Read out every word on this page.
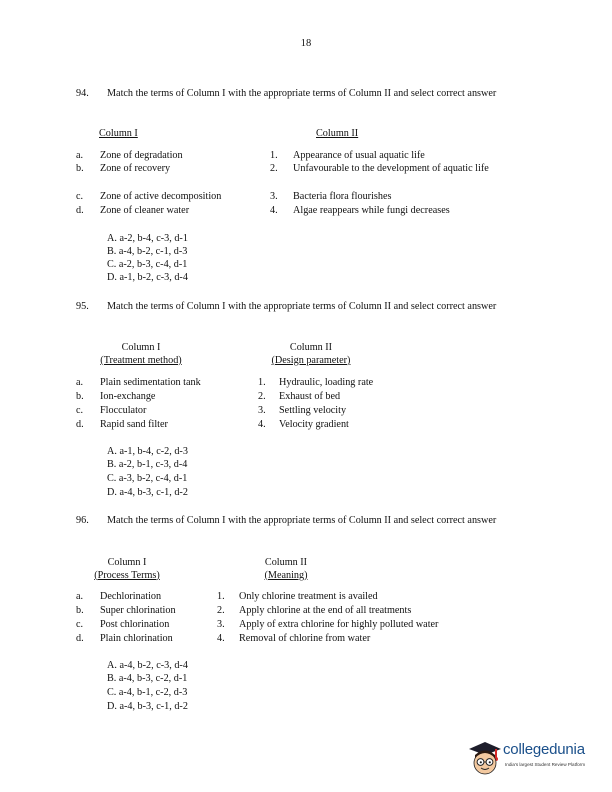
18
94. Match the terms of Column I with the appropriate terms of Column II and select correct answer
Column I	Column II
a. Zone of degradation
b. Zone of recovery
c. Zone of active decomposition
d. Zone of cleaner water
1. Appearance of usual aquatic life
2. Unfavourable to the development of aquatic life
3. Bacteria flora flourishes
4. Algae reappears while fungi decreases
A. a-2, b-4, c-3, d-1
B. a-4, b-2, c-1, d-3
C. a-2, b-3, c-4, d-1
D. a-1, b-2, c-3, d-4
95. Match the terms of Column I with the appropriate terms of Column II and select correct answer
Column I
(Treatment method)
Column II
(Design parameter)
a. Plain sedimentation tank
b. Ion-exchange
c. Flocculator
d. Rapid sand filter
1. Hydraulic, loading rate
2. Exhaust of bed
3. Settling velocity
4. Velocity gradient
A. a-1, b-4, c-2, d-3
B. a-2, b-1, c-3, d-4
C. a-3, b-2, c-4, d-1
D. a-4, b-3, c-1, d-2
96. Match the terms of Column I with the appropriate terms of Column II and select correct answer
Column I
(Process Terms)
Column II
(Meaning)
a. Dechlorination
b. Super chlorination
c. Post chlorination
d. Plain chlorination
1. Only chlorine treatment is availed
2. Apply chlorine at the end of all treatments
3. Apply of extra chlorine for highly polluted water
4. Removal of chlorine from water
A. a-4, b-2, c-3, d-4
B. a-4, b-3, c-2, d-1
C. a-4, b-1, c-2, d-3
D. a-4, b-3, c-1, d-2
collegedunia
India's largest Student Review Platform
